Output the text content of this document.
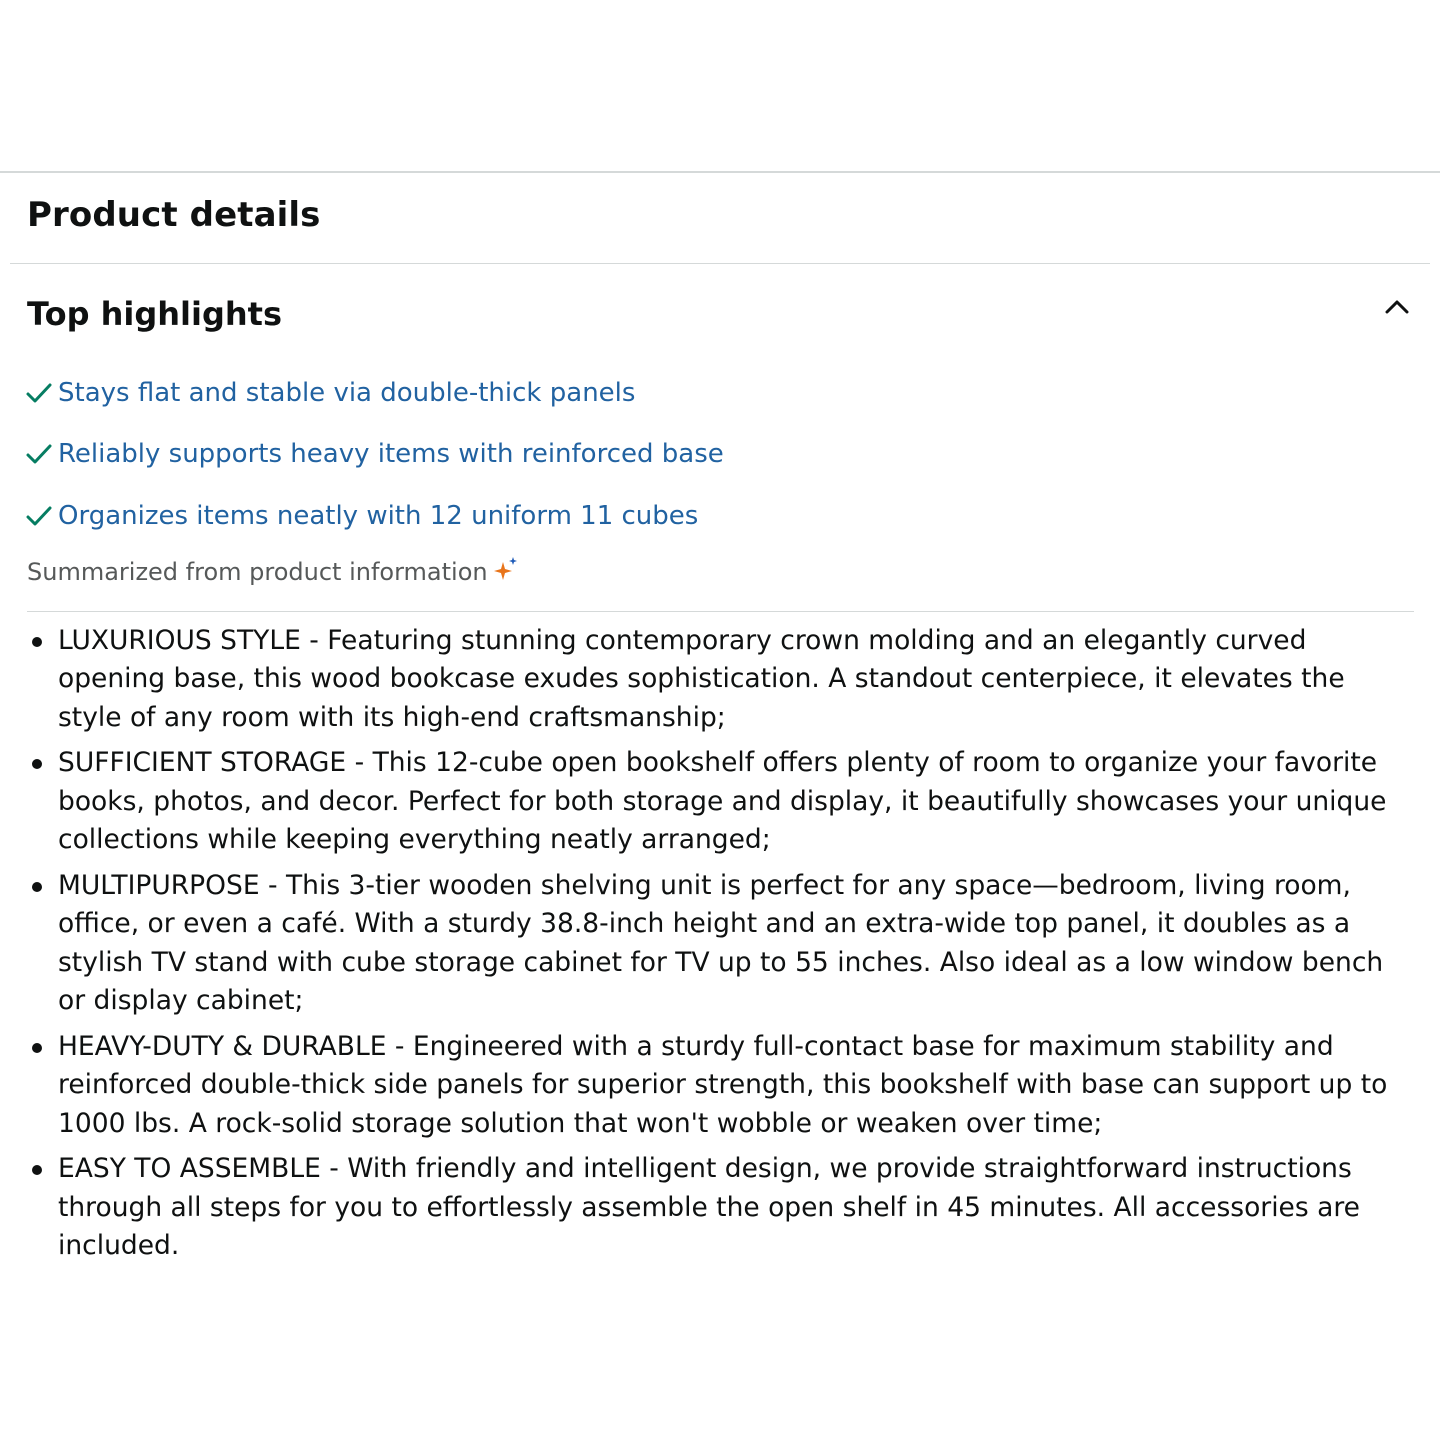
Product details
Top highlights
Stays flat and stable via double-thick panels
Reliably supports heavy items with reinforced base
Organizes items neatly with 12 uniform 11 cubes
Summarized from product information
LUXURIOUS STYLE - Featuring stunning contemporary crown molding and an elegantly curved opening base, this wood bookcase exudes sophistication. A standout centerpiece, it elevates the style of any room with its high-end craftsmanship;
SUFFICIENT STORAGE - This 12-cube open bookshelf offers plenty of room to organize your favorite books, photos, and decor. Perfect for both storage and display, it beautifully showcases your unique collections while keeping everything neatly arranged;
MULTIPURPOSE - This 3-tier wooden shelving unit is perfect for any space—bedroom, living room, office, or even a café. With a sturdy 38.8-inch height and an extra-wide top panel, it doubles as a stylish TV stand with cube storage cabinet for TV up to 55 inches. Also ideal as a low window bench or display cabinet;
HEAVY-DUTY & DURABLE - Engineered with a sturdy full-contact base for maximum stability and reinforced double-thick side panels for superior strength, this bookshelf with base can support up to 1000 lbs. A rock-solid storage solution that won't wobble or weaken over time;
EASY TO ASSEMBLE - With friendly and intelligent design, we provide straightforward instructions through all steps for you to effortlessly assemble the open shelf in 45 minutes. All accessories are included.
